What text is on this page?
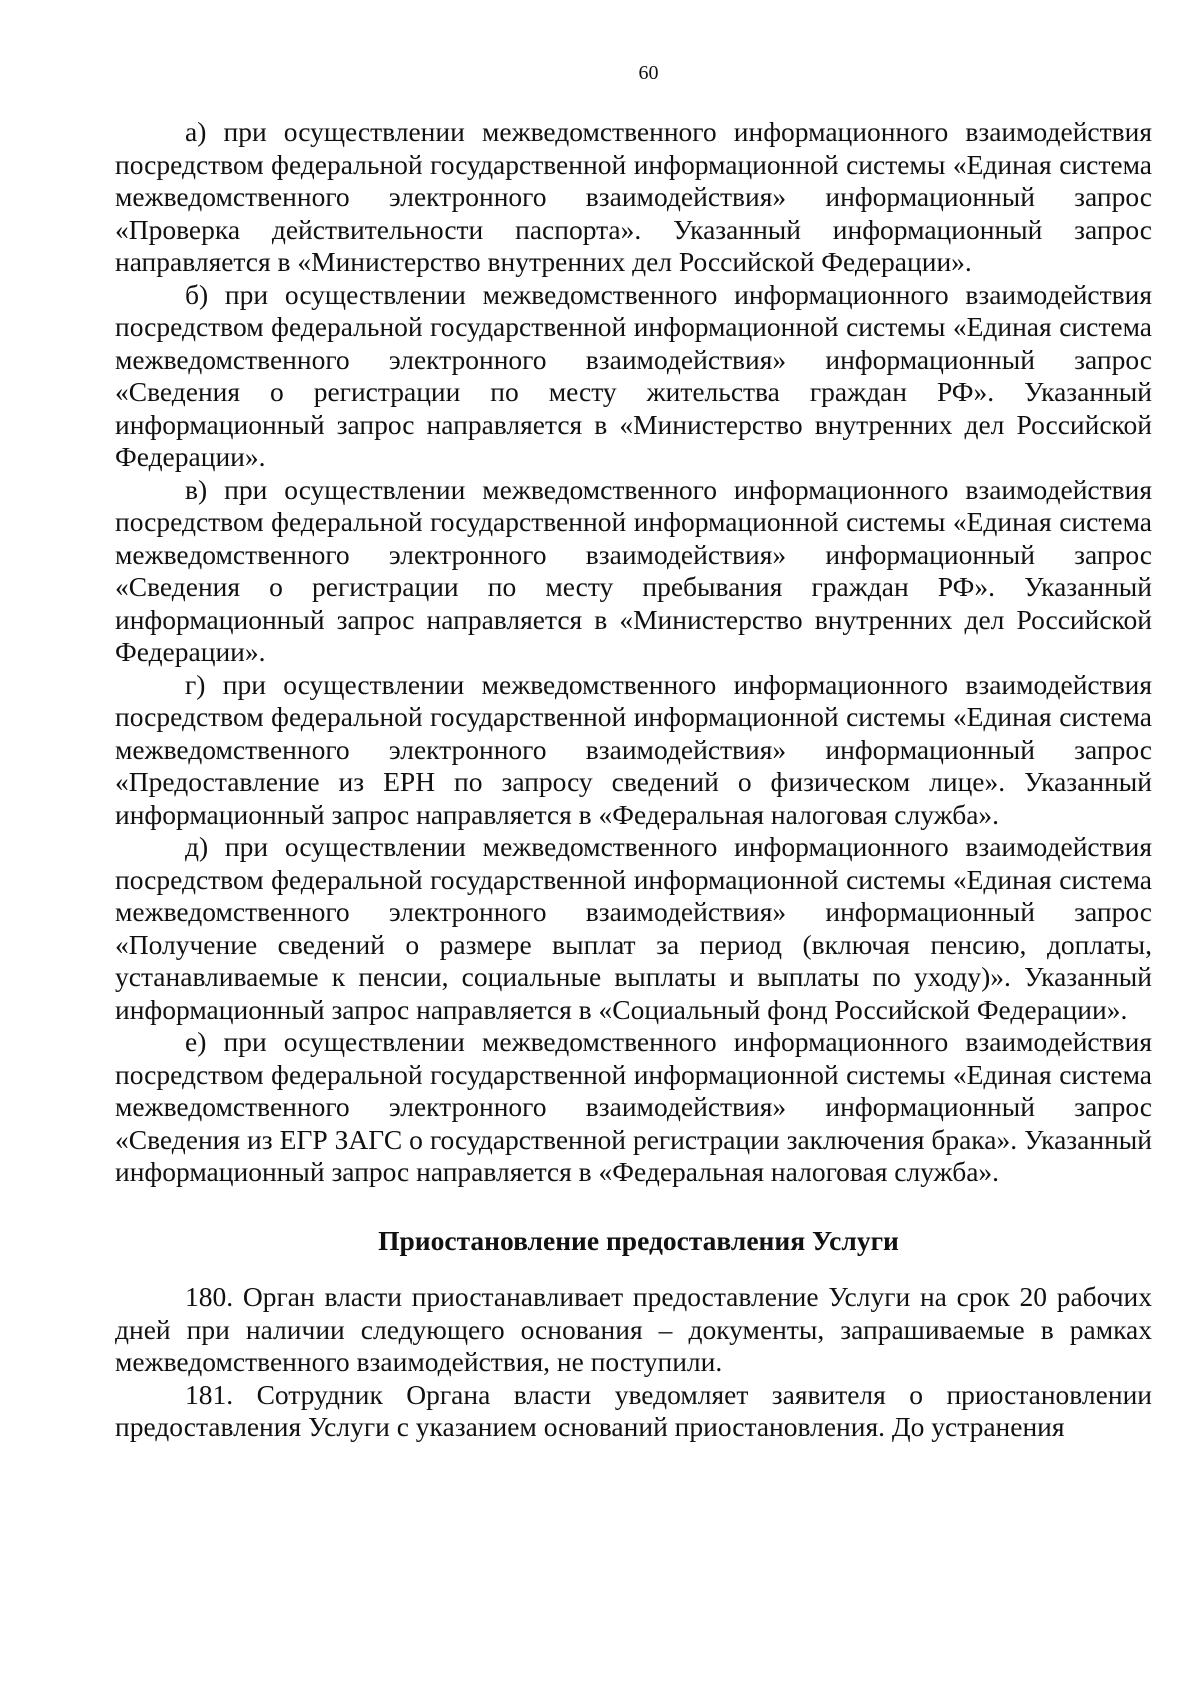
60

а) при осуществлении межведомственного информационного взаимодействия посредством федеральной государственной информационной системы «Единая система межведомственного электронного взаимодействия» информационный запрос «Проверка действительности паспорта». Указанный информационный запрос направляется в «Министерство внутренних дел Российской Федерации».

б) при осуществлении межведомственного информационного взаимодействия посредством федеральной государственной информационной системы «Единая система межведомственного электронного взаимодействия» информационный запрос «Сведения о регистрации по месту жительства граждан РФ». Указанный информационный запрос направляется в «Министерство внутренних дел Российской Федерации».

в) при осуществлении межведомственного информационного взаимодействия посредством федеральной государственной информационной системы «Единая система межведомственного электронного взаимодействия» информационный запрос «Сведения о регистрации по месту пребывания граждан РФ». Указанный информационный запрос направляется в «Министерство внутренних дел Российской Федерации».

г) при осуществлении межведомственного информационного взаимодействия посредством федеральной государственной информационной системы «Единая система межведомственного электронного взаимодействия» информационный запрос «Предоставление из ЕРН по запросу сведений о физическом лице». Указанный информационный запрос направляется в «Федеральная налоговая служба».

д) при осуществлении межведомственного информационного взаимодействия посредством федеральной государственной информационной системы «Единая система межведомственного электронного взаимодействия» информационный запрос «Получение сведений о размере выплат за период (включая пенсию, доплаты, устанавливаемые к пенсии, социальные выплаты и выплаты по уходу)». Указанный информационный запрос направляется в «Социальный фонд Российской Федерации».

е) при осуществлении межведомственного информационного взаимодействия посредством федеральной государственной информационной системы «Единая система межведомственного электронного взаимодействия» информационный запрос «Сведения из ЕГР ЗАГС о государственной регистрации заключения брака». Указанный информационный запрос направляется в «Федеральная налоговая служба».

Приостановление предоставления Услуги

180. Орган власти приостанавливает предоставление Услуги на срок 20 рабочих дней при наличии следующего основания – документы, запрашиваемые в рамках межведомственного взаимодействия, не поступили.

181. Сотрудник Органа власти уведомляет заявителя о приостановлении предоставления Услуги с указанием оснований приостановления. До устранения
